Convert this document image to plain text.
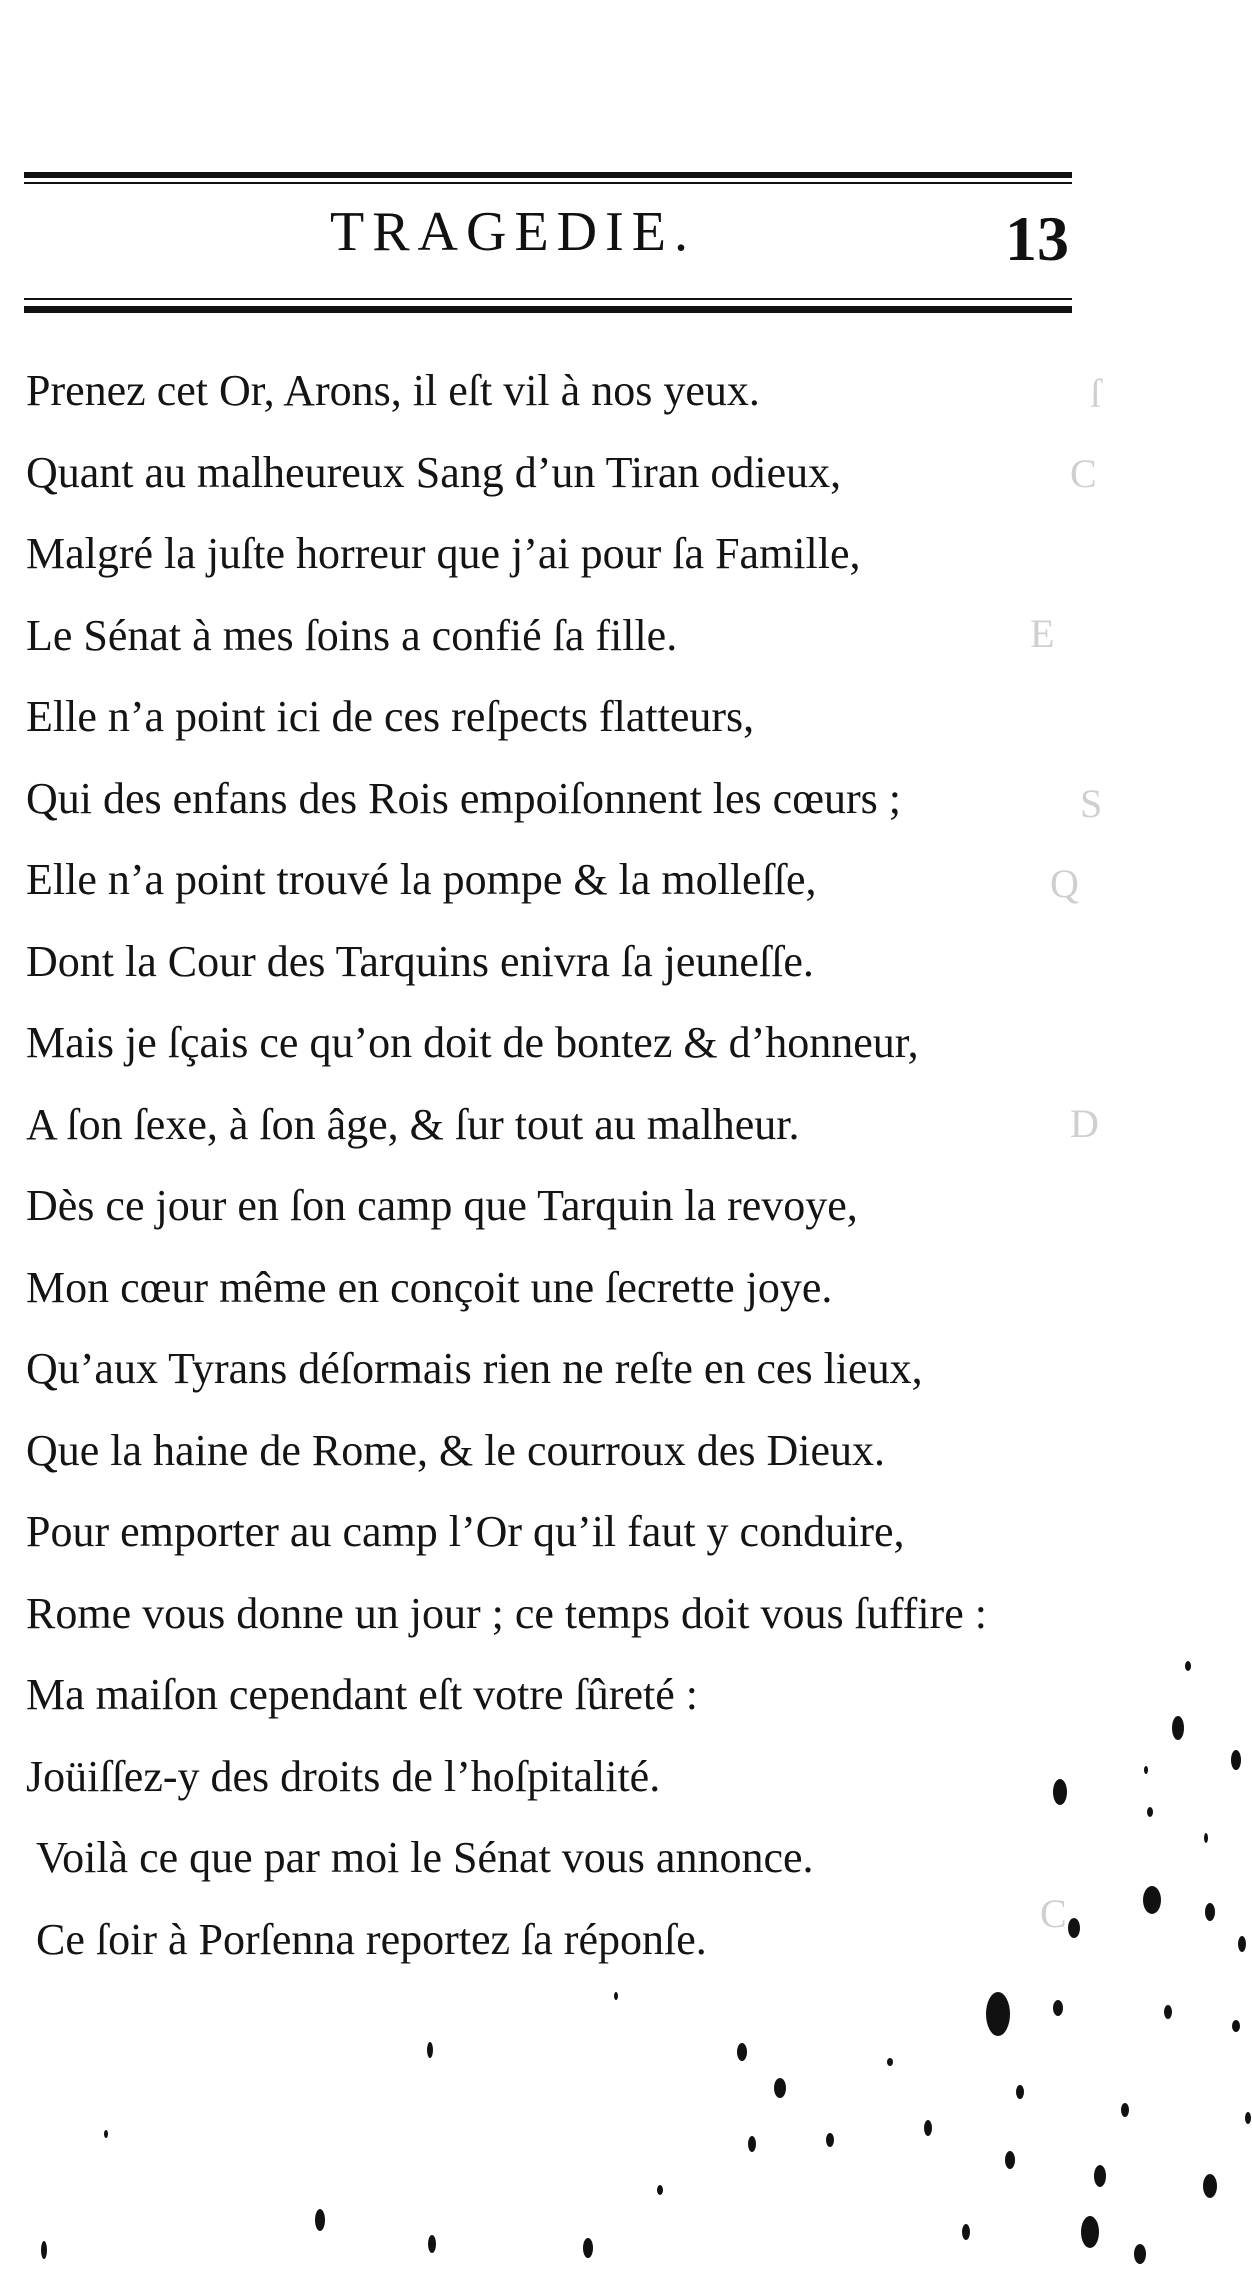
TRAGEDIE.	13
Prenez cet Or, Arons, il eſt vil à nos yeux.
Quant au malheureux Sang d’un Tiran odieux,
Malgré la juſte horreur que j’ai pour ſa Famille,
Le Sénat à mes ſoins a confié ſa fille.
Elle n’a point ici de ces reſpects flatteurs,
Qui des enfans des Rois empoiſonnent les cœurs ;
Elle n’a point trouvé la pompe & la molleſſe,
Dont la Cour des Tarquins enivra ſa jeuneſſe.
Mais je ſçais ce qu’on doit de bontez & d’honneur,
A ſon ſexe, à ſon âge, & ſur tout au malheur.
Dès ce jour en ſon camp que Tarquin la revoye,
Mon cœur même en conçoit une ſecrette joye.
Qu’aux Tyrans déſormais rien ne reſte en ces lieux,
Que la haine de Rome, & le courroux des Dieux.
Pour emporter au camp l’Or qu’il faut y conduire,
Rome vous donne un jour ; ce temps doit vous ſuffire :
Ma maiſon cependant eſt votre ſûreté :
Joüiſſez-y des droits de l’hoſpitalité.
Voilà ce que par moi le Sénat vous annonce.
Ce ſoir à Porſenna reportez ſa réponſe.
ſ
C
E
S
Q
D
C
